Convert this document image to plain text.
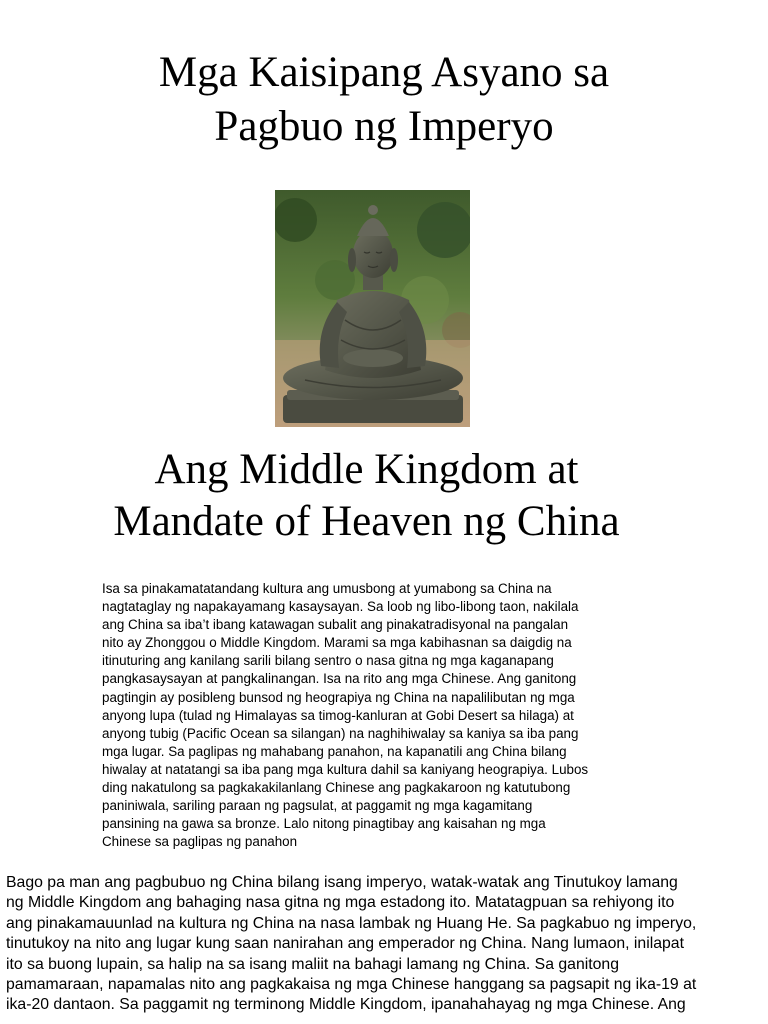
Mga Kaisipang Asyano sa
Pagbuo ng Imperyo
Ang Middle Kingdom at
Mandate of Heaven ng China

Isa sa pinakamatatandang kultura ang umusbong at yumabong sa China na
nagtataglay ng napakayamang kasaysayan. Sa loob ng libo-libong taon, nakilala
ang China sa iba’t ibang katawagan subalit ang pinakatradisyonal na pangalan
nito ay Zhonggou o Middle Kingdom. Marami sa mga kabihasnan sa daigdig na
itinuturing ang kanilang sarili bilang sentro o nasa gitna ng mga kaganapang
pangkasaysayan at pangkalinangan. Isa na rito ang mga Chinese. Ang ganitong
pagtingin ay posibleng bunsod ng heograpiya ng China na napalilibutan ng mga
anyong lupa (tulad ng Himalayas sa timog-kanluran at Gobi Desert sa hilaga) at
anyong tubig (Pacific Ocean sa silangan) na naghihiwalay sa kaniya sa iba pang
mga lugar. Sa paglipas ng mahabang panahon, na kapanatili ang China bilang
hiwalay at natatangi sa iba pang mga kultura dahil sa kaniyang heograpiya. Lubos
ding nakatulong sa pagkakakilanlang Chinese ang pagkakaroon ng katutubong
paniniwala, sariling paraan ng pagsulat, at paggamit ng mga kagamitang
pansining na gawa sa bronze. Lalo nitong pinagtibay ang kaisahan ng mga
Chinese sa paglipas ng panahon

Bago pa man ang pagbubuo ng China bilang isang imperyo, watak-watak ang Tinutukoy lamang
ng Middle Kingdom ang bahaging nasa gitna ng mga estadong ito. Matatagpuan sa rehiyong ito
ang pinakamauunlad na kultura ng China na nasa lambak ng Huang He. Sa pagkabuo ng imperyo,
tinutukoy na nito ang lugar kung saan nanirahan ang emperador ng China. Nang lumaon, inilapat
ito sa buong lupain, sa halip na sa isang maliit na bahagi lamang ng China. Sa ganitong
pamamaraan, napamalas nito ang pagkakaisa ng mga Chinese hanggang sa pagsapit ng ika-19 at
ika-20 dantaon. Sa paggamit ng terminong Middle Kingdom, ipanahahayag ng mga Chinese. Ang
